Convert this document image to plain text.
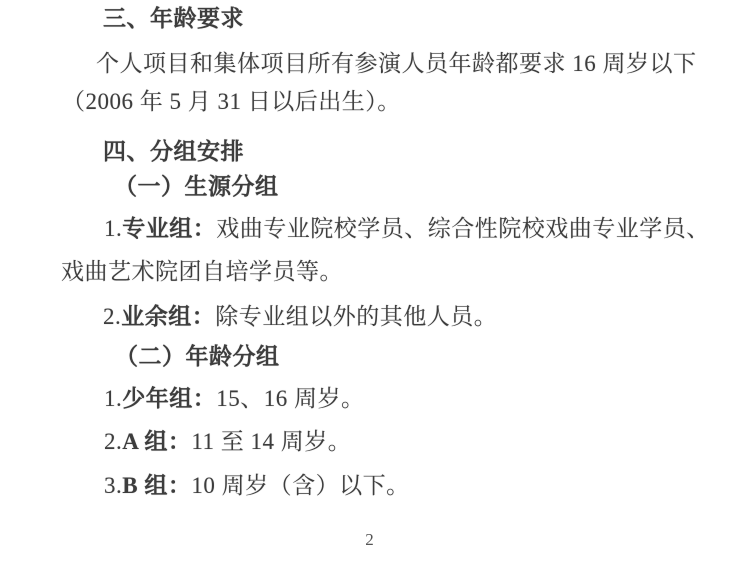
三、年龄要求

个人项目和集体项目所有参演人员年龄都要求 16 周岁以下

（2006 年 5 月 31 日以后出生）。

四、分组安排
（一）生源分组

1.专业组：戏曲专业院校学员、综合性院校戏曲专业学员、

戏曲艺术院团自培学员等。

2.业余组：除专业组以外的其他人员。

（二）年龄分组

1.少年组：15、16 周岁。

2.A 组：11 至 14 周岁。

3.B 组：10 周岁（含）以下。

2
